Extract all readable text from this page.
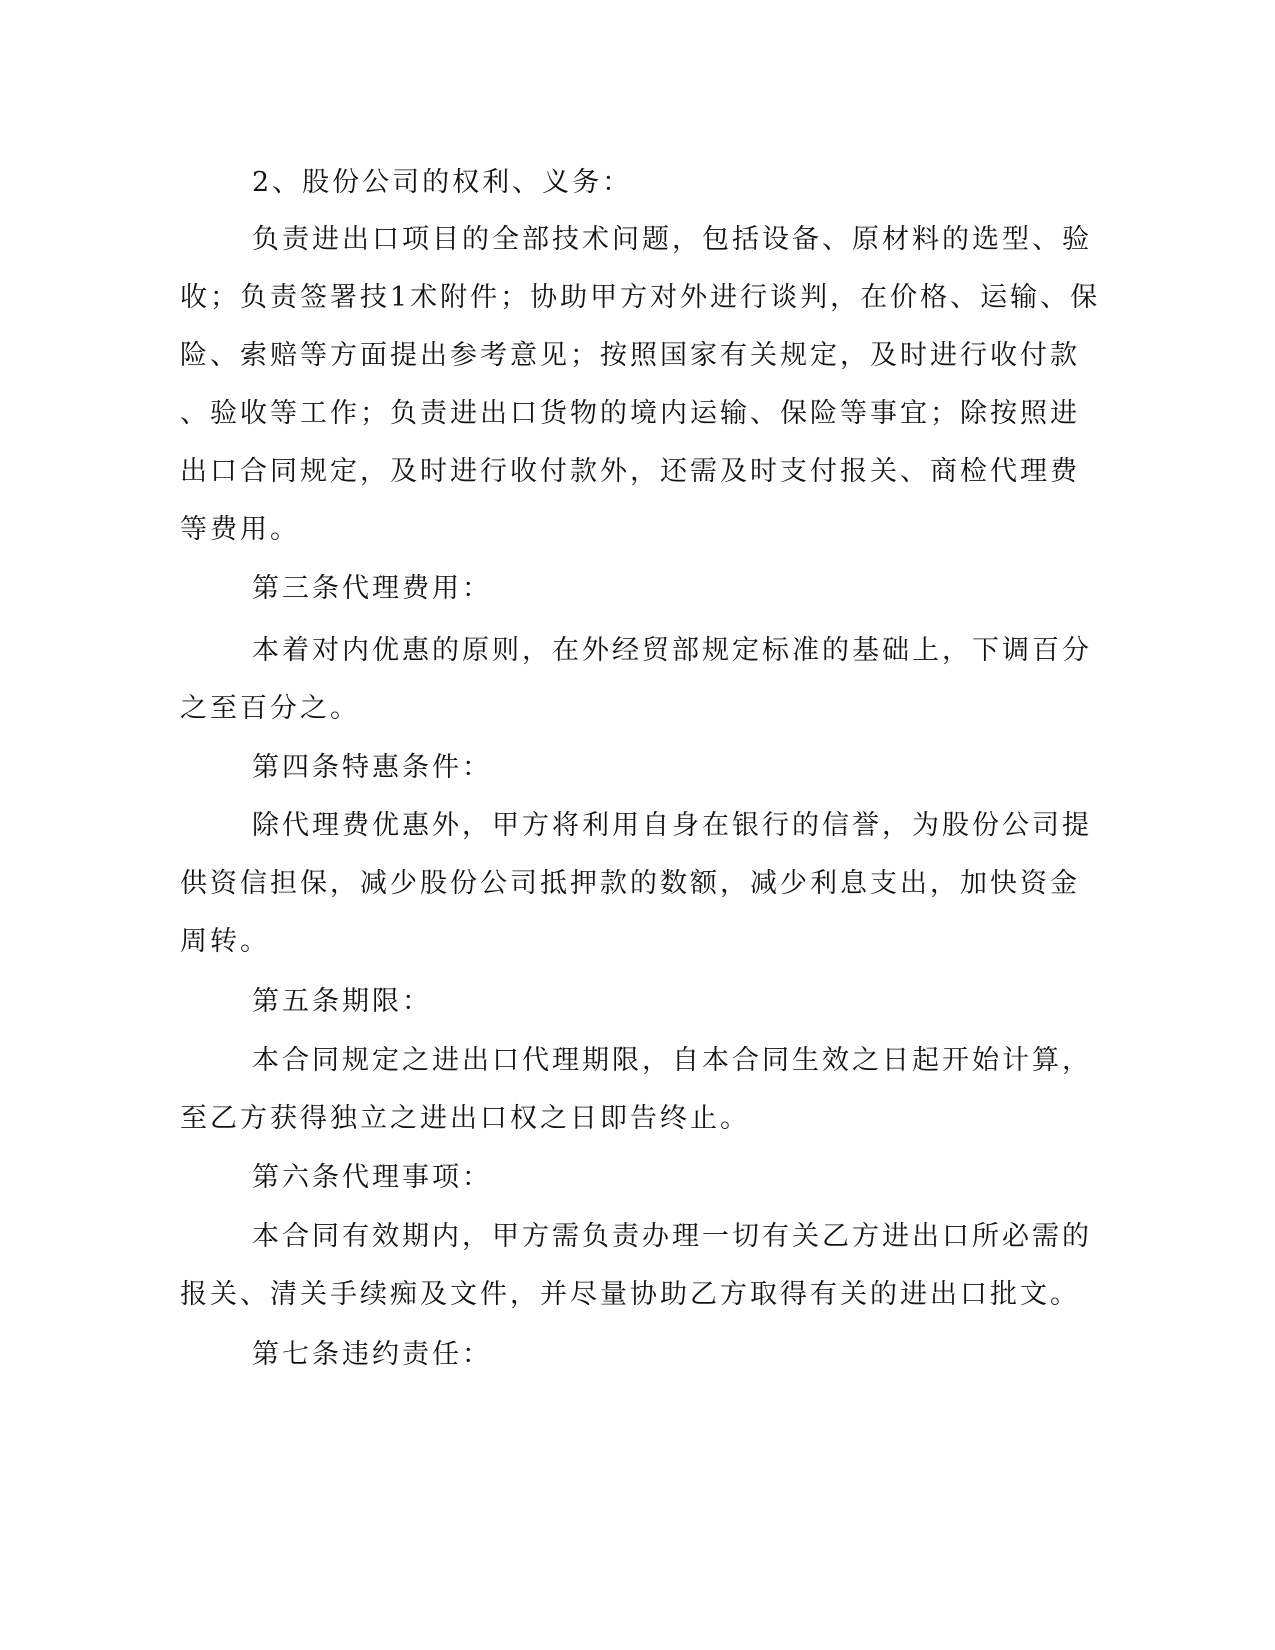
2、股份公司的权利、义务：
负责进出口项目的全部技术问题，包括设备、原材料的选型、验
收；负责签署技1术附件；协助甲方对外进行谈判，在价格、运输、保
险、索赔等方面提出参考意见；按照国家有关规定，及时进行收付款
、验收等工作；负责进出口货物的境内运输、保险等事宜；除按照进
出口合同规定，及时进行收付款外，还需及时支付报关、商检代理费
等费用。
第三条代理费用：
本着对内优惠的原则，在外经贸部规定标准的基础上，下调百分
之至百分之。
第四条特惠条件：
除代理费优惠外，甲方将利用自身在银行的信誉，为股份公司提
供资信担保，减少股份公司抵押款的数额，减少利息支出，加快资金
周转。
第五条期限：
本合同规定之进出口代理期限，自本合同生效之日起开始计算，
至乙方获得独立之进出口权之日即告终止。
第六条代理事项：
本合同有效期内，甲方需负责办理一切有关乙方进出口所必需的
报关、清关手续痴及文件，并尽量协助乙方取得有关的进出口批文。
第七条违约责任：
